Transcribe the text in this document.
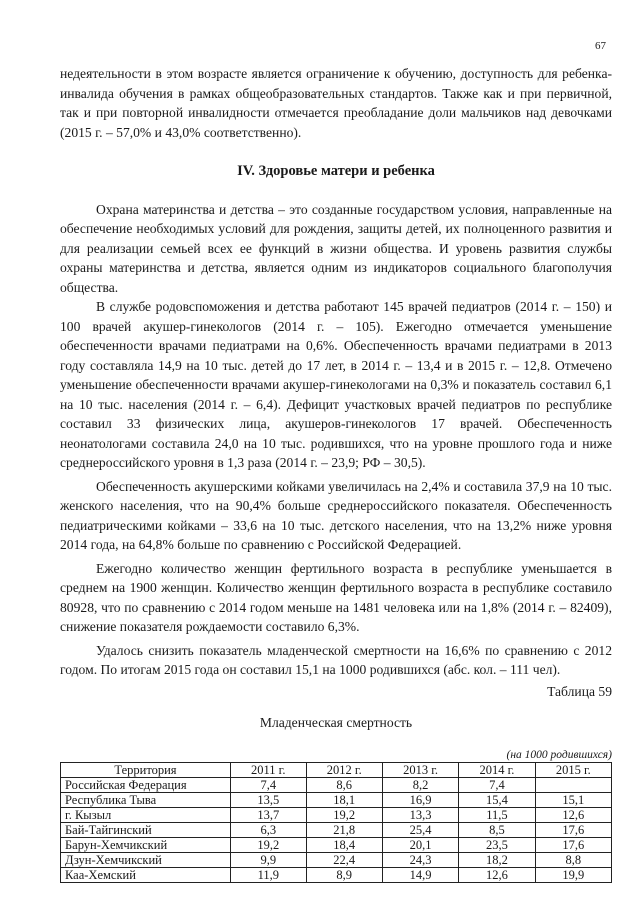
67

недеятельности в этом возрасте является ограничение к обучению, доступность для ребенка-инвалида обучения в рамках общеобразовательных стандартов. Также как и при первичной, так и при повторной инвалидности отмечается преобладание доли мальчиков над девочками (2015 г. – 57,0% и 43,0% соответственно).

IV. Здоровье матери и ребенка

Охрана материнства и детства – это созданные государством условия, направленные на обеспечение необходимых условий для рождения, защиты детей, их полноценного развития и для реализации семьей всех ее функций в жизни общества. И уровень развития службы охраны материнства и детства, является одним из индикаторов социального благополучия общества.

В службе родовспоможения и детства работают 145 врачей педиатров (2014 г. – 150) и 100 врачей акушер-гинекологов (2014 г. – 105). Ежегодно отмечается уменьшение обеспеченности врачами педиатрами на 0,6%. Обеспеченность врачами педиатрами в 2013 году составляла 14,9 на 10 тыс. детей до 17 лет, в 2014 г. – 13,4 и в 2015 г. – 12,8. Отмечено уменьшение обеспеченности врачами акушер-гинекологами на 0,3% и показатель составил 6,1 на 10 тыс. населения (2014 г. – 6,4). Дефицит участковых врачей педиатров по республике составил 33 физических лица, акушеров-гинекологов 17 врачей. Обеспеченность неонатологами составила 24,0 на 10 тыс. родившихся, что на уровне прошлого года и ниже среднероссийского уровня в 1,3 раза (2014 г. – 23,9; РФ – 30,5).

Обеспеченность акушерскими койками увеличилась на 2,4% и составила 37,9 на 10 тыс. женского населения, что на 90,4% больше среднероссийского показателя. Обеспеченность педиатрическими койками – 33,6 на 10 тыс. детского населения, что на 13,2% ниже уровня 2014 года, на 64,8% больше по сравнению с Российской Федерацией.

Ежегодно количество женщин фертильного возраста в республике уменьшается в среднем на 1900 женщин. Количество женщин фертильного возраста в республике составило 80928, что по сравнению с 2014 годом меньше на 1481 человека или на 1,8% (2014 г. – 82409), снижение показателя рождаемости составило 6,3%.

Удалось снизить показатель младенческой смертности на 16,6% по сравнению с 2012 годом. По итогам 2015 года он составил 15,1 на 1000 родившихся (абс. кол. – 111 чел).

Таблица 59
Младенческая смертность
(на 1000 родившихся)
Территория	2011 г.	2012 г.	2013 г.	2014 г.	2015 г.
Российская Федерация	7,4	8,6	8,2	7,4	
Республика Тыва	13,5	18,1	16,9	15,4	15,1
г. Кызыл	13,7	19,2	13,3	11,5	12,6
Бай-Тайгинский	6,3	21,8	25,4	8,5	17,6
Барун-Хемчикский	19,2	18,4	20,1	23,5	17,6
Дзун-Хемчикский	9,9	22,4	24,3	18,2	8,8
Каа-Хемский	11,9	8,9	14,9	12,6	19,9
